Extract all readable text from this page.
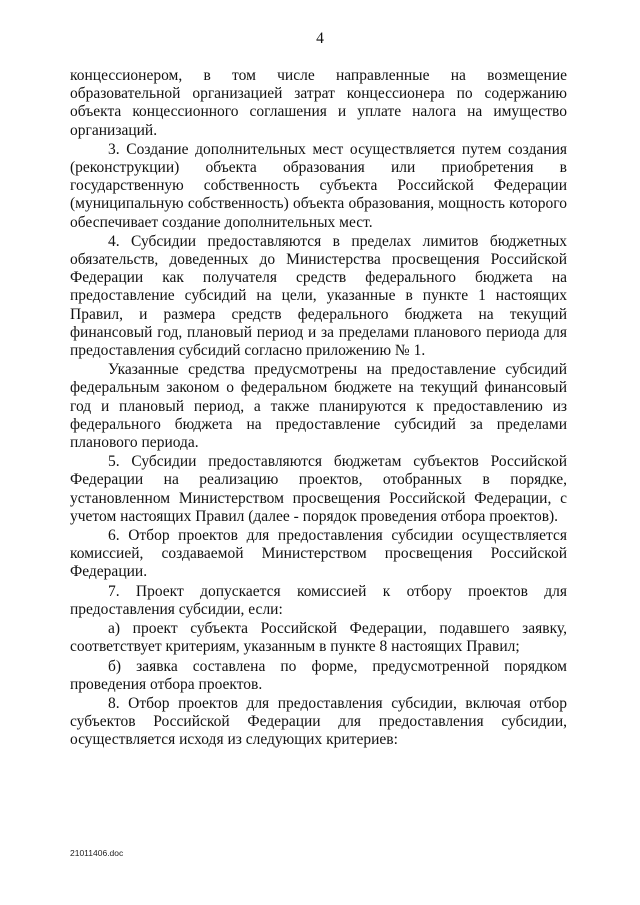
4

концессионером, в том числе направленные на возмещение образовательной организацией затрат концессионера по содержанию объекта концессионного соглашения и уплате налога на имущество организаций.

3. Создание дополнительных мест осуществляется путем создания (реконструкции) объекта образования или приобретения в государственную собственность субъекта Российской Федерации (муниципальную собственность) объекта образования, мощность которого обеспечивает создание дополнительных мест.

4. Субсидии предоставляются в пределах лимитов бюджетных обязательств, доведенных до Министерства просвещения Российской Федерации как получателя средств федерального бюджета на предоставление субсидий на цели, указанные в пункте 1 настоящих Правил, и размера средств федерального бюджета на текущий финансовый год, плановый период и за пределами планового периода для предоставления субсидий согласно приложению № 1.

Указанные средства предусмотрены на предоставление субсидий федеральным законом о федеральном бюджете на текущий финансовый год и плановый период, а также планируются к предоставлению из федерального бюджета на предоставление субсидий за пределами планового периода.

5. Субсидии предоставляются бюджетам субъектов Российской Федерации на реализацию проектов, отобранных в порядке, установленном Министерством просвещения Российской Федерации, с учетом настоящих Правил (далее - порядок проведения отбора проектов).

6. Отбор проектов для предоставления субсидии осуществляется комиссией, создаваемой Министерством просвещения Российской Федерации.

7. Проект допускается комиссией к отбору проектов для предоставления субсидии, если:

а) проект субъекта Российской Федерации, подавшего заявку, соответствует критериям, указанным в пункте 8 настоящих Правил;

б) заявка составлена по форме, предусмотренной порядком проведения отбора проектов.

8. Отбор проектов для предоставления субсидии, включая отбор субъектов Российской Федерации для предоставления субсидии, осуществляется исходя из следующих критериев:

21011406.doc
